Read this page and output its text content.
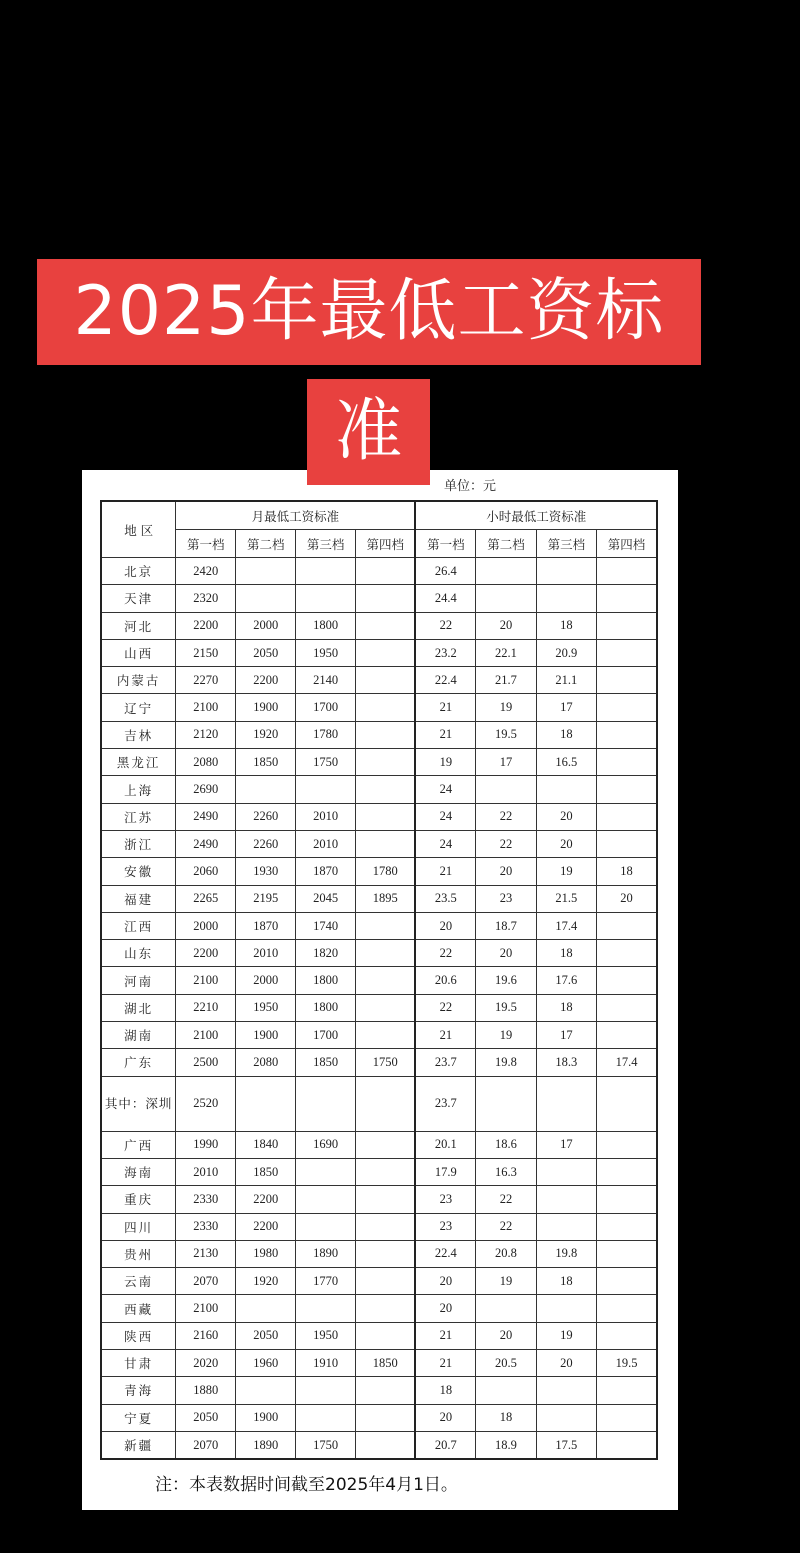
2025年最低工资标
准
单位：元
地 区	月最低工资标准				小时最低工资标准			
	第一档	第二档	第三档	第四档	第一档	第二档	第三档	第四档
北京	2420				26.4			
天津	2320				24.4			
河北	2200	2000	1800		22	20	18	
山西	2150	2050	1950		23.2	22.1	20.9	
内蒙古	2270	2200	2140		22.4	21.7	21.1	
辽宁	2100	1900	1700		21	19	17	
吉林	2120	1920	1780		21	19.5	18	
黑龙江	2080	1850	1750		19	17	16.5	
上海	2690				24			
江苏	2490	2260	2010		24	22	20	
浙江	2490	2260	2010		24	22	20	
安徽	2060	1930	1870	1780	21	20	19	18
福建	2265	2195	2045	1895	23.5	23	21.5	20
江西	2000	1870	1740		20	18.7	17.4	
山东	2200	2010	1820		22	20	18	
河南	2100	2000	1800		20.6	19.6	17.6	
湖北	2210	1950	1800		22	19.5	18	
湖南	2100	1900	1700		21	19	17	
广东	2500	2080	1850	1750	23.7	19.8	18.3	17.4
其中：深圳	2520				23.7			
广西	1990	1840	1690		20.1	18.6	17	
海南	2010	1850			17.9	16.3		
重庆	2330	2200			23	22		
四川	2330	2200			23	22		
贵州	2130	1980	1890		22.4	20.8	19.8	
云南	2070	1920	1770		20	19	18	
西藏	2100				20			
陕西	2160	2050	1950		21	20	19	
甘肃	2020	1960	1910	1850	21	20.5	20	19.5
青海	1880				18			
宁夏	2050	1900			20	18		
新疆	2070	1890	1750		20.7	18.9	17.5	
注：本表数据时间截至2025年4月1日。
